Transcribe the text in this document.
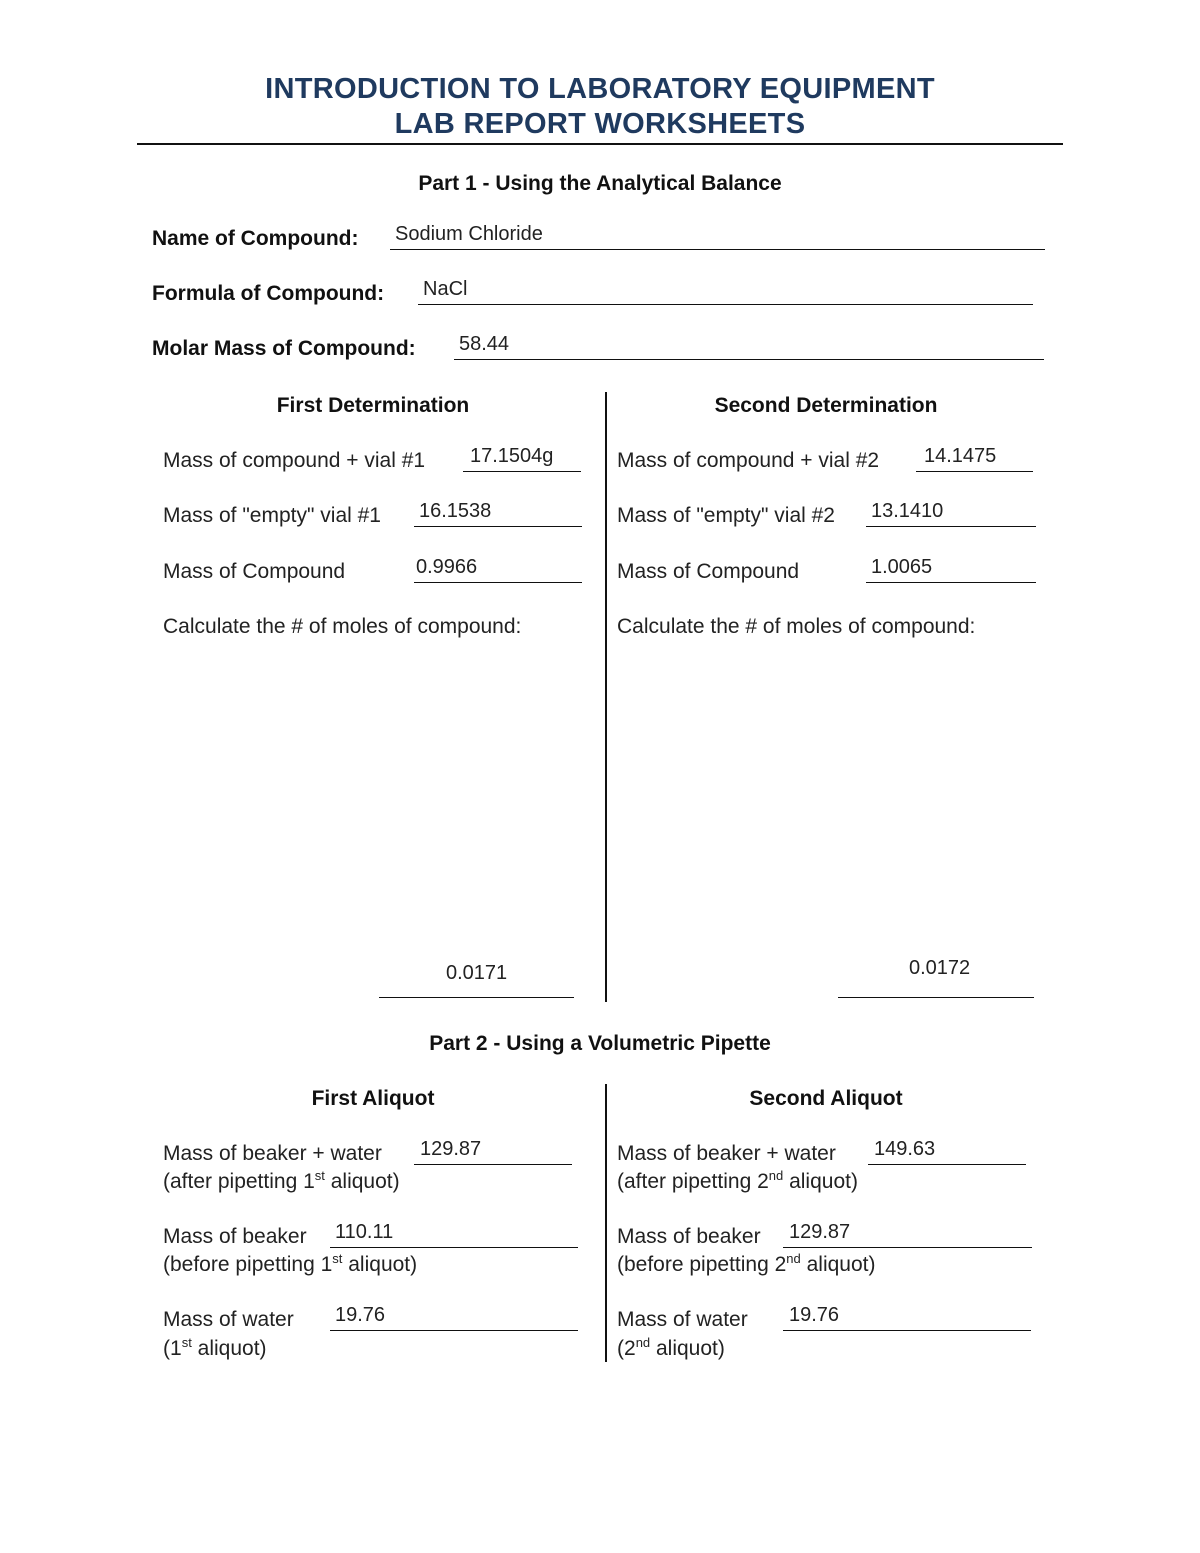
INTRODUCTION TO LABORATORY EQUIPMENT
LAB REPORT WORKSHEETS
Part 1 - Using the Analytical Balance
Name of Compound: Sodium Chloride
Formula of Compound: NaCl
Molar Mass of Compound: 58.44
First Determination
Mass of compound + vial #1 17.1504g
Mass of "empty" vial #1 16.1538
Mass of Compound	0.9966
Calculate the # of moles of compound:
0.0171
Second Determination
Mass of compound + vial #2 14.1475
Mass of "empty" vial #2 13.1410
Mass of Compound	1.0065
Calculate the # of moles of compound:
0.0172
Part 2 - Using a Volumetric Pipette
First Aliquot
Mass of beaker + water 129.87
(after pipetting 1st aliquot)
Mass of beaker 110.11
(before pipetting 1st aliquot)
Mass of water 19.76
(1st aliquot)
Second Aliquot
Mass of beaker + water 149.63
(after pipetting 2nd aliquot)
Mass of beaker 129.87
(before pipetting 2nd aliquot)
Mass of water 19.76
(2nd aliquot)
